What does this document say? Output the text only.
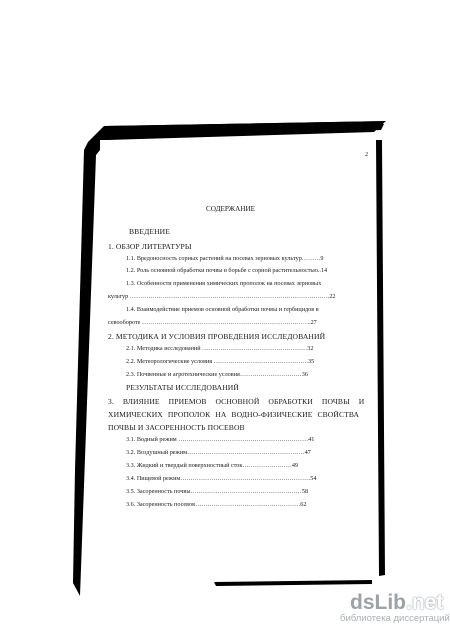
2
СОДЕРЖАНИЕ
ВВЕДЕНИЕ
1. ОБЗОР ЛИТЕРАТУРЫ
1.1. Вредоносность сорных растений на посевах зерновых культур………9
1.2. Роль основной обработки почвы в борьбе с сорной растительностью..14
1.3. Особенности применения химических прополок на посевах зерновых
культур …………………………………………………………………………………….22
1.4. Взаимодействие приемов основной обработки почвы и гербицидов в
севообороте ……………………………………………………………………….27
2. МЕТОДИКА И УСЛОВИЯ ПРОВЕДЕНИЯ ИССЛЕДОВАНИЙ
2.1. Методика исследований ……………………………………………32
2.2. Метеорологические условия ……………………………………….35
2.3. Почвенные и агротехнические условия…………………………36
РЕЗУЛЬТАТЫ ИССЛЕДОВАНИЙ
3. ВЛИЯНИЕ ПРИЕМОВ ОСНОВНОЙ ОБРАБОТКИ ПОЧВЫ И
ХИМИЧЕСКИХ ПРОПОЛОК НА ВОДНО-ФИЗИЧЕСКИЕ СВОЙСТВА
ПОЧВЫ И ЗАСОРЕННОСТЬ ПОСЕВОВ
3.1. Водный режим ………………………………………………………41
3.2. Воздушный режим…………………………………………………47
3.3. Жидкий и твердый поверхностный сток……………………49
3.4. Пищевой режим………………………………………………………54
3.5. Засоренность почвы………………………………………………58
3.6. Засоренность посевов……………………………………………62
dsLib.net
библиотека диссертаций
